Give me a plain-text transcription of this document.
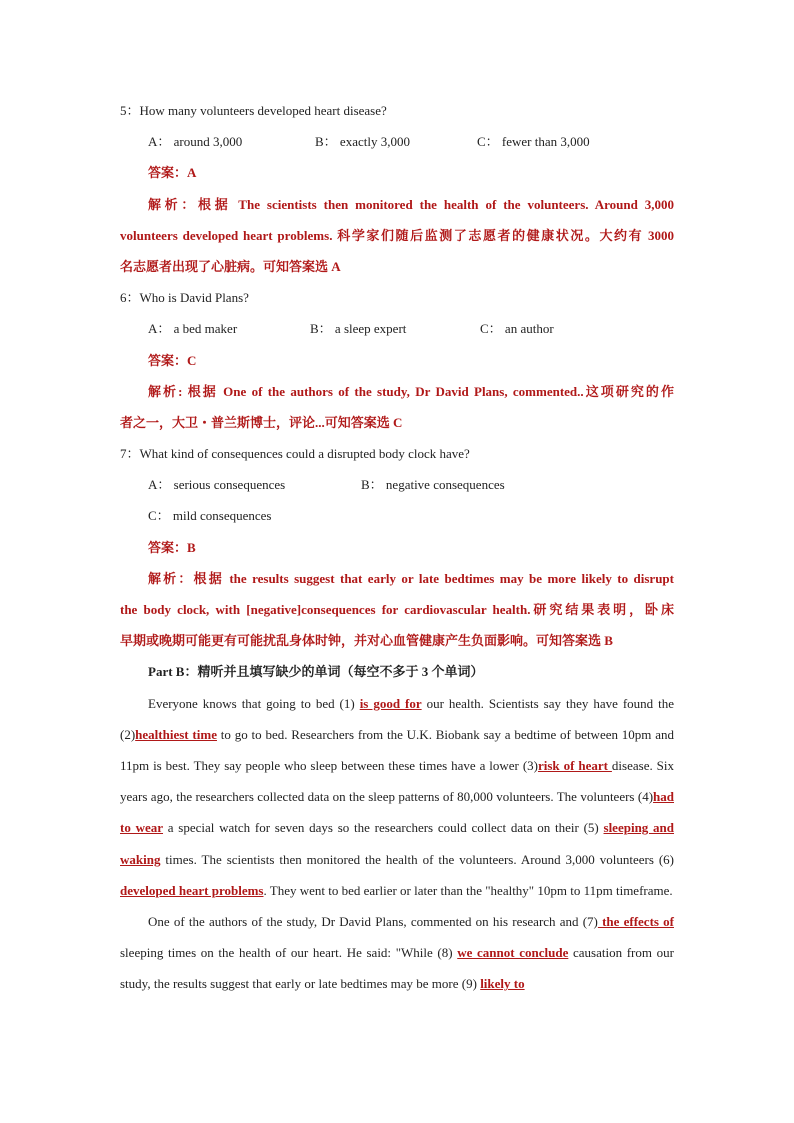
5：How many volunteers developed heart disease?
A： around 3,000	B： exactly 3,000	C： fewer than 3,000
答案：A
解析：根据 The scientists then monitored the health of the volunteers. Around 3,000
volunteers developed heart problems. 科学家们随后监测了志愿者的健康状况。大约有 3000
名志愿者出现了心脏病。可知答案选 A
6：Who is David Plans?
A： a bed maker	B： a sleep expert	C： an author
答案：C
解析: 根据 One of the authors of the study, Dr David Plans, commented..这项研究的作
者之一，大卫・普兰斯博士，评论...可知答案选 C
7：What kind of consequences could a disrupted body clock have?
A： serious consequences	B： negative consequences
C： mild consequences
答案：B
解析：根据 the results suggest that early or late bedtimes may be more likely to disrupt
the body clock, with [negative]consequences for cardiovascular health.研究结果表明，卧床
早期或晚期可能更有可能扰乱身体时钟，并对心血管健康产生负面影响。可知答案选 B
Part B：精听并且填写缺少的单词（每空不多于 3 个单词）

Everyone knows that going to bed (1) is good for our health. Scientists say they have found the (2)healthiest time to go to bed. Researchers from the U.K. Biobank say a bedtime of between 10pm and 11pm is best. They say people who sleep between these times have a lower (3)risk of heart disease. Six years ago, the researchers collected data on the sleep patterns of 80,000 volunteers. The volunteers (4)had to wear a special watch for seven days so the researchers could collect data on their (5) sleeping and waking times. The scientists then monitored the health of the volunteers. Around 3,000 volunteers (6) developed heart problems. They went to bed earlier or later than the "healthy" 10pm to 11pm timeframe.

One of the authors of the study, Dr David Plans, commented on his research and (7) the effects of sleeping times on the health of our heart. He said: "While (8) we cannot conclude causation from our study, the results suggest that early or late bedtimes may be more (9) likely to
